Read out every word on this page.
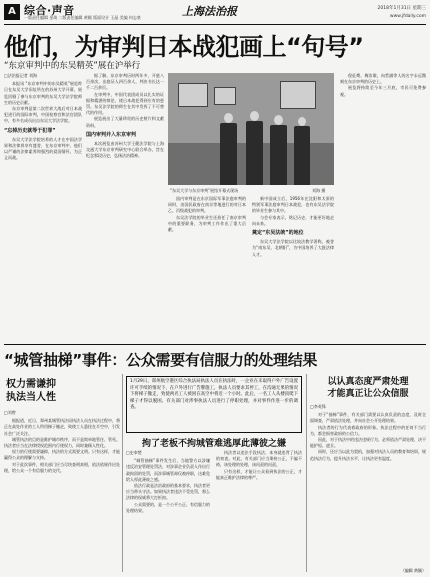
A 综合·声音
一版责任编辑 金琦 二版责任编辑 黄颖 版面设计 王晶 美编 何志豪	上海法治报	2018年1月31日 星期三
www.jfdaily.com
他们，为审判日本战犯画上“句号”
“东京审判中的东吴精英”展在沪举行
□法治报记者 刘海

本报讯 “东京审判中的东吴精英”展览昨日在东吴大学旧址所在的苏州大学开幕，展览回顾了参与东京审判的东吴大学法学院师生的历史贡献。

东京审判是第二次世界大战后对日本战犯进行的国际审判，中国检察官和法官团队中，有多名成员出自东吴大学法学院。

“忘掉历史就等于犯罪”

东吴大学法学院培养的人才在中国法学界和法律界享有盛誉，在东京审判中，他们以严谨的法律素养和强烈的爱国情怀，为正义而战。

据了解，东京审判历时两年多，开庭八百余次，出庭证人四百余人，判决书长达一千二百余页。

在审判中，中国代表团成员以扎实的证据和精湛的辩论，使日本战犯得到应有的惩罚。东吴法学院的师生在其中发挥了不可替代的作用。

展览展出了大量珍贵的历史照片和文献资料。

国内审判并入东京审判

本次展览由苏州大学王健法学院与上海交通大学东京审判研究中心联合举办，旨在纪念那段历史，弘扬法治精神。

“东吴大学与东京审判”展馆开幕式现场	刘海 摄

国内审判是在东京国际军事法庭审判的同时，由国民政府在南京等地进行的对日本乙、丙级战犯的审判。

东吴法学院的毕业生还担任了南京审判中的重要职务，为审判工作作出了重大贡献。

新中国成立后，1956年在沈阳和太原的特别军事法庭审判日本战犯，也有东吴法学院的毕业生参与其中。

与会专家表示，铭记历史，才能更好地走向未来。

奠定“东吴法统”的地位

东吴大学法学院以比较法教学著称，被誉为“南东吴，北朝阳”，为中国培养了大批法律人才。

倪征燠、梅汝璈、向哲濬等人的名字永远镌刻在东京审判的历史上。

展览将持续至今年三月底，市民可免费参观。

“城管抽梯”事件：公众需要有信服力的处理结果
权力需谦抑
执法当人性
□刘曾

据报道，近日，郑州某城管执法局执法人员在执法过程中，将正在高处作业的工人所用梯子撤走，致使工人悬挂在半空中，引发社会广泛关注。

城管执法的目的是维护城市秩序，而不是简单地管住、管死。执法者应当在法律授权范围内行使权力，同时兼顾人性化。

权力的行使需要谦抑，执法的方式需要文明。只有这样，才能赢得公众的理解与支持。

对于此次事件，相关部门应当尽快查明真相，依法依规作出处理，给公众一个有信服力的交代。

1月29日，郑州航空港区综合执法局执法人员在执法时，一企业在未取得户外广告设置许可手续的情况下，在户外进行广告牌施工，执法人员要求其停工，在沟通无果的情况下将梯子撤走，致使两名工人被困在高空中将近一个小时。此后，一名工人从楼顶爬下梯子才得以脱困。有关部门对涉事执法人员进行了停职处理，并对事件作进一步的调查。
拘了老板不拘城管难逃厚此薄彼之嫌
□史奉楚

“城管抽梯”事件发生后，当地警方以涉嫌违反治安管理处罚法，对涉事企业负责人作出行政拘留的处罚，而涉事城管却仅被停职，这难免给人厚此薄彼之感。

依法行政是法治政府的基本要求，执法者更应当带头守法。如果执法者违法不受处罚，那么法律的权威将大打折扣。

公众需要的，是一个公平公正、有信服力的处理结果。

执法者以违法手段执法，本身就违背了执法的初衷。对此，有关部门应当秉持公正，不偏不倚，该处理的处理，该问责的问责。

只有这样，才能让公众看到执法的公正，才能真正维护法律的尊严。

以认真态度严肃处理
才能真正让公众信服
□李英锋

对于“抽梯”事件，有关部门需要以认真负责的态度，及时全面调查，严肃依法处理，并向社会公开处理结果。

执法者的行为代表着政府的形象。执法过程中的任何不当行为，都会损害政府的公信力。

因此，对于执法中的违法违规行为，必须依法严肃处理，决不能护短、遮丑。

同时，还应当以此为契机，加强对执法人员的教育和培训，规范执法行为，提升执法水平，让执法更有温度。

（编辑 黄颖）
